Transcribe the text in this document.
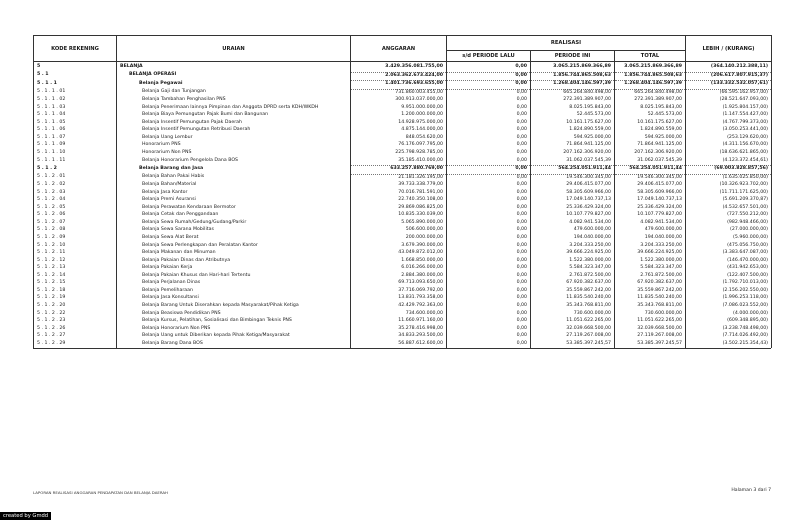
KODE REKENING	URAIAN	ANGGARAN	REALISASI			LEBIH / (KURANG)
			s/d PERIODE LALU	PERIODE INI	TOTAL	
5	BELANJA	3.429.356.081.755,00	0,00	3.065.215.869.366,89	3.065.215.869.366,89	(364.140.212.388,11)
5 . 1	BELANJA OPERASI	2.063.362.673.424,00	0,00	1.856.744.865.508,63	1.856.744.865.508,63	(206.617.807.915,37)
5 . 1 . 1	Belanja Pegawai	1.401.736.693.655,00	0,00	1.268.404.146.597,39	1.268.404.146.597,39	(133.332.532.057,61)
5 . 1 . 1 . 01	Belanja Gaji dan Tunjangan	731.860.003.455,00	0,00	665.264.840.498,00	665.264.840.498,00	(66.595.162.957,00)
5 . 1 . 1 . 02	Belanja Tambahan Penghasilan PNS	300.913.037.000,00	0,00	272.391.389.907,00	272.391.389.907,00	(28.521.647.093,00)
5 . 1 . 1 . 03	Belanja Penerimaan lainnya Pimpinan dan Anggota DPRD serta KDH/WKDH	9.951.000.000,00	0,00	8.025.195.843,00	8.025.195.843,00	(1.925.804.157,00)
5 . 1 . 1 . 04	Belanja Biaya Pemungutan Pajak Bumi dan Bangunan	1.200.000.000,00	0,00	52.445.573,00	52.445.573,00	(1.147.554.427,00)
5 . 1 . 1 . 05	Belanja Insentif Pemungutan Pajak Daerah	14.928.975.000,00	0,00	10.161.175.627,00	10.161.175.627,00	(4.767.799.373,00)
5 . 1 . 1 . 06	Belanja Insentif Pemungutan Retribusi Daerah	4.875.144.000,00	0,00	1.824.890.559,00	1.824.890.559,00	(3.050.253.441,00)
5 . 1 . 1 . 07	Belanja Uang Lembur	848.054.620,00	0,00	594.925.000,00	594.925.000,00	(253.129.620,00)
5 . 1 . 1 . 09	Honorarium PNS	76.176.097.795,00	0,00	71.864.941.125,00	71.864.941.125,00	(4.311.156.670,00)
5 . 1 . 1 . 10	Honorarium Non PNS	225.798.928.785,00	0,00	207.162.306.920,00	207.162.306.920,00	(18.636.621.865,00)
5 . 1 . 1 . 11	Belanja Honorarium Pengelola Dana BOS	35.185.410.000,00	0,00	31.062.037.545,39	31.062.037.545,39	(4.123.372.454,61)
5 . 1 . 2	Belanja Barang dan Jasa	633.257.880.769,00	0,00	564.254.051.911,44	564.254.051.911,44	(69.003.828.857,56)
5 . 1 . 2 . 01	Belanja Bahan Pakai Habis	21.181.326.195,00	0,00	19.546.300.345,00	19.546.300.345,00	(1.635.025.850,00)
5 . 1 . 2 . 02	Belanja Bahan/Material	39.733.338.779,00	0,00	29.406.415.077,00	29.406.415.077,00	(10.326.923.702,00)
5 . 1 . 2 . 03	Belanja Jasa Kantor	70.016.781.591,00	0,00	58.305.609.966,00	58.305.609.966,00	(11.711.171.625,00)
5 . 1 . 2 . 04	Belanja Premi Asuransi	22.740.350.108,00	0,00	17.049.140.737,13	17.049.140.737,13	(5.691.209.370,87)
5 . 1 . 2 . 05	Belanja Perawatan Kendaraan Bermotor	29.869.086.825,00	0,00	25.336.429.324,00	25.336.429.324,00	(4.532.657.501,00)
5 . 1 . 2 . 06	Belanja Cetak dan Penggandaan	10.835.330.039,00	0,00	10.107.779.827,00	10.107.779.827,00	(727.550.212,00)
5 . 1 . 2 . 07	Belanja Sewa Rumah/Gedung/Gudang/Parkir	5.065.890.000,00	0,00	4.082.941.534,00	4.082.941.534,00	(982.948.466,00)
5 . 1 . 2 . 08	Belanja Sewa Sarana Mobilitas	506.600.000,00	0,00	479.600.000,00	479.600.000,00	(27.000.000,00)
5 . 1 . 2 . 09	Belanja Sewa Alat Berat	200.000.000,00	0,00	194.040.000,00	194.040.000,00	(5.960.000,00)
5 . 1 . 2 . 10	Belanja Sewa Perlengkapan dan Peralatan Kantor	3.679.390.000,00	0,00	3.204.333.250,00	3.204.333.250,00	(475.056.750,00)
5 . 1 . 2 . 11	Belanja Makanan dan Minuman	43.049.872.012,00	0,00	39.666.224.925,00	39.666.224.925,00	(3.383.647.087,00)
5 . 1 . 2 . 12	Belanja Pakaian Dinas dan Atributnya	1.668.850.000,00	0,00	1.522.380.000,00	1.522.380.000,00	(146.470.000,00)
5 . 1 . 2 . 13	Belanja Pakaian Kerja	6.016.266.000,00	0,00	5.584.323.347,00	5.584.323.347,00	(431.942.653,00)
5 . 1 . 2 . 14	Belanja Pakaian Khusus dan Hari-hari Tertentu	2.884.380.000,00	0,00	2.761.872.500,00	2.761.872.500,00	(122.407.500,00)
5 . 1 . 2 . 15	Belanja Perjalanan Dinas	69.713.093.650,00	0,00	67.920.382.637,00	67.920.382.637,00	(1.792.710.013,00)
5 . 1 . 2 . 18	Belanja Pemeliharaan	37.716.069.792,00	0,00	35.559.867.242,00	35.559.867.242,00	(2.156.202.550,00)
5 . 1 . 2 . 19	Belanja Jasa Konsultansi	13.831.793.358,00	0,00	11.835.540.240,00	11.835.540.240,00	(1.996.253.118,00)
5 . 1 . 2 . 20	Belanja Barang Untuk Diserahkan kepada Masyarakat/Pihak Ketiga	42.429.792.363,00	0,00	35.343.768.811,00	35.343.768.811,00	(7.086.023.552,00)
5 . 1 . 2 . 22	Belanja Beasiswa Pendidikan PNS	734.600.000,00	0,00	730.600.000,00	730.600.000,00	(4.000.000,00)
5 . 1 . 2 . 23	Belanja Kursus, Pelatihan, Sosialisasi dan Bimbingan Teknis PNS	11.660.971.160,00	0,00	11.051.622.265,00	11.051.622.265,00	(609.348.895,00)
5 . 1 . 2 . 26	Belanja Honorarium Non PNS	35.278.416.998,00	0,00	32.039.668.500,00	32.039.668.500,00	(3.238.748.498,00)
5 . 1 . 2 . 27	Belanja Uang untuk Diberikan kepada Pihak Ketiga/Masyarakat	34.833.293.500,00	0,00	27.119.267.008,00	27.119.267.008,00	(7.714.026.492,00)
5 . 1 . 2 . 29	Belanja Barang Dana BOS	56.887.612.600,00	0,00	53.385.397.245,57	53.385.397.245,57	(3.502.215.354,43)
LAPORAN REALISASI ANGGARAN PENDAPATAN DAN BELANJA DAERAH	Halaman 3 dari 7
created by Gmdd
